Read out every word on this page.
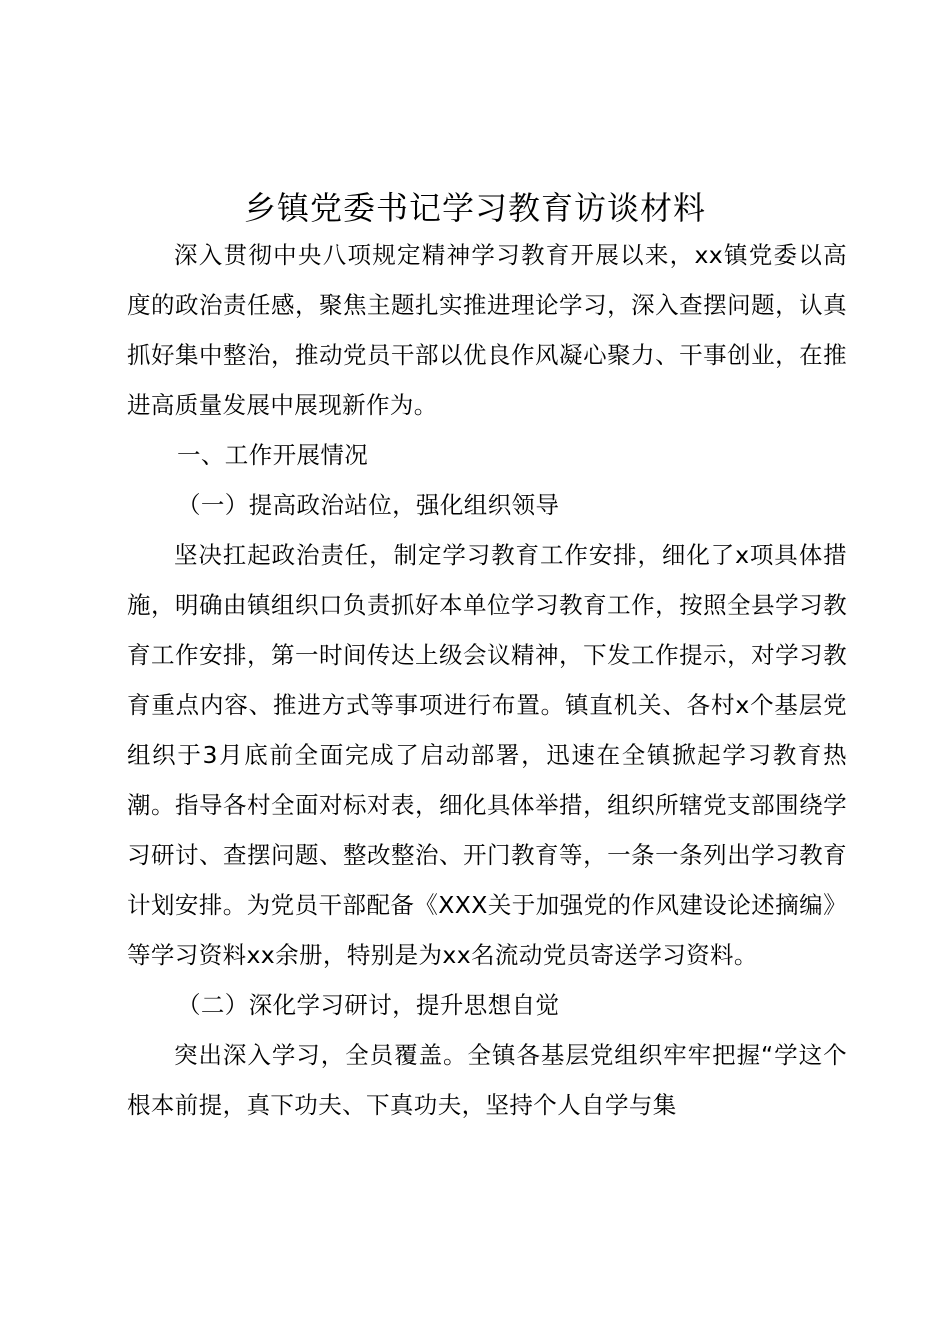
乡镇党委书记学习教育访谈材料

深入贯彻中央八项规定精神学习教育开展以来，xx镇党委以高度的政治责任感，聚焦主题扎实推进理论学习，深入查摆问题，认真抓好集中整治，推动党员干部以优良作风凝心聚力、干事创业，在推进高质量发展中展现新作为。

一、工作开展情况

（一）提高政治站位，强化组织领导

坚决扛起政治责任，制定学习教育工作安排，细化了x项具体措施，明确由镇组织口负责抓好本单位学习教育工作，按照全县学习教育工作安排，第一时间传达上级会议精神，下发工作提示，对学习教育重点内容、推进方式等事项进行布置。镇直机关、各村x个基层党组织于3月底前全面完成了启动部署，迅速在全镇掀起学习教育热潮。指导各村全面对标对表，细化具体举措，组织所辖党支部围绕学习研讨、查摆问题、整改整治、开门教育等，一条一条列出学习教育计划安排。为党员干部配备《XXX关于加强党的作风建设论述摘编》等学习资料xx余册，特别是为xx名流动党员寄送学习资料。

（二）深化学习研讨，提升思想自觉

突出深入学习，全员覆盖。全镇各基层党组织牢牢把握“学这个根本前提，真下功夫、下真功夫，坚持个人自学与集
